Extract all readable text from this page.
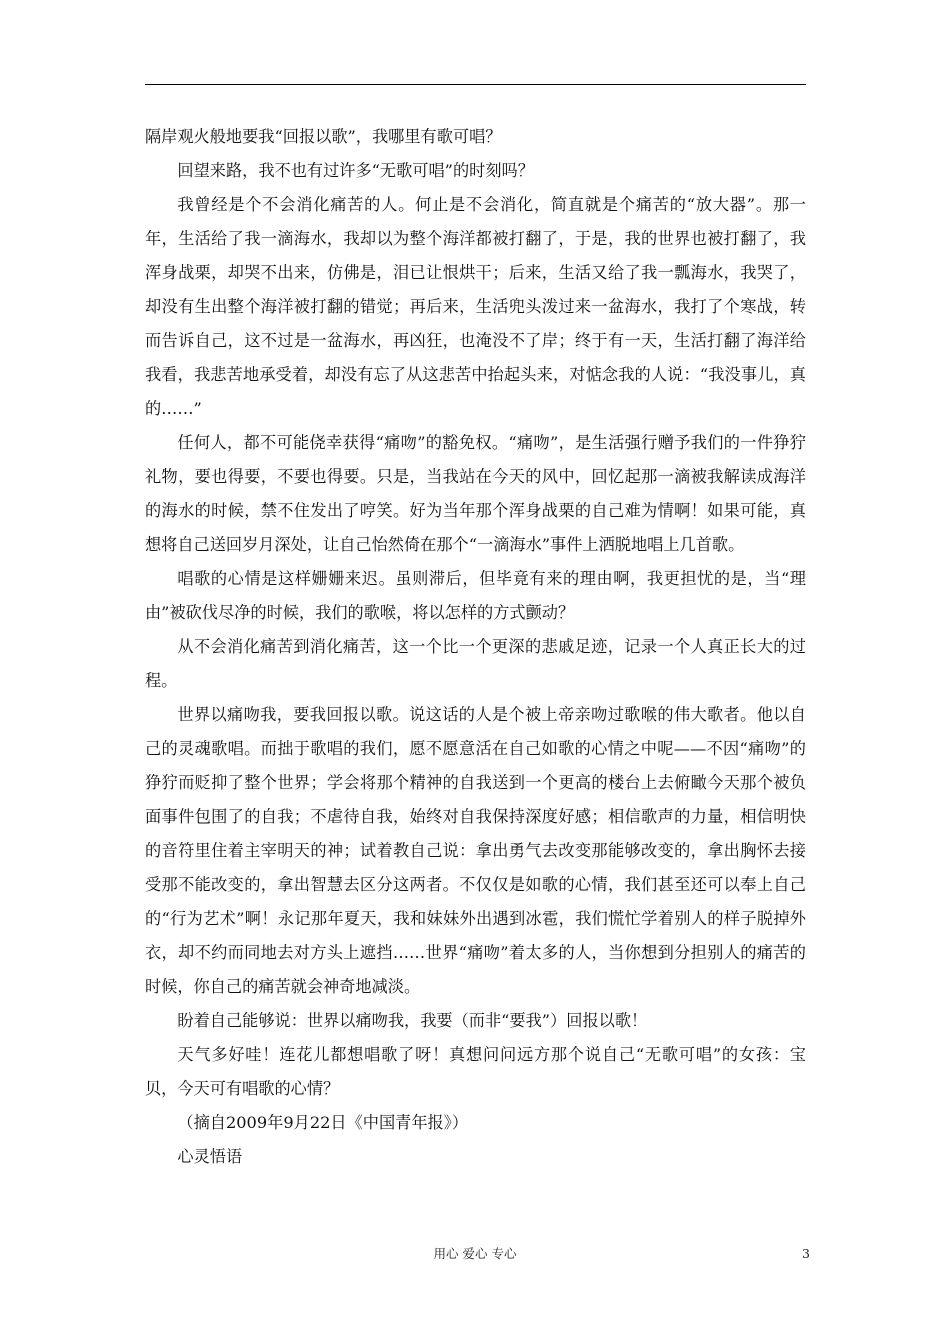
隔岸观火般地要我“回报以歌”，我哪里有歌可唱？

回望来路，我不也有过许多“无歌可唱”的时刻吗？

我曾经是个不会消化痛苦的人。何止是不会消化，简直就是个痛苦的“放大器”。那一年，生活给了我一滴海水，我却以为整个海洋都被打翻了，于是，我的世界也被打翻了，我浑身战栗，却哭不出来，仿佛是，泪已让恨烘干；后来，生活又给了我一瓢海水，我哭了，却没有生出整个海洋被打翻的错觉；再后来，生活兜头泼过来一盆海水，我打了个寒战，转而告诉自己，这不过是一盆海水，再凶狂，也淹没不了岸；终于有一天，生活打翻了海洋给我看，我悲苦地承受着，却没有忘了从这悲苦中抬起头来，对惦念我的人说：“我没事儿，真的……”

任何人，都不可能侥幸获得“痛吻”的豁免权。“痛吻”，是生活强行赠予我们的一件狰狞礼物，要也得要，不要也得要。只是，当我站在今天的风中，回忆起那一滴被我解读成海洋的海水的时候，禁不住发出了哼笑。好为当年那个浑身战栗的自己难为情啊！如果可能，真想将自己送回岁月深处，让自己怡然倚在那个“一滴海水”事件上洒脱地唱上几首歌。

唱歌的心情是这样姗姗来迟。虽则滞后，但毕竟有来的理由啊，我更担忧的是，当“理由”被砍伐尽净的时候，我们的歌喉，将以怎样的方式颤动？

从不会消化痛苦到消化痛苦，这一个比一个更深的悲戚足迹，记录一个人真正长大的过程。

世界以痛吻我，要我回报以歌。说这话的人是个被上帝亲吻过歌喉的伟大歌者。他以自己的灵魂歌唱。而拙于歌唱的我们，愿不愿意活在自己如歌的心情之中呢——不因“痛吻”的狰狞而贬抑了整个世界；学会将那个精神的自我送到一个更高的楼台上去俯瞰今天那个被负面事件包围了的自我；不虐待自我，始终对自我保持深度好感；相信歌声的力量，相信明快的音符里住着主宰明天的神；试着教自己说：拿出勇气去改变那能够改变的，拿出胸怀去接受那不能改变的，拿出智慧去区分这两者。不仅仅是如歌的心情，我们甚至还可以奉上自己的“行为艺术”啊！永记那年夏天，我和妹妹外出遇到冰雹，我们慌忙学着别人的样子脱掉外衣，却不约而同地去对方头上遮挡……世界“痛吻”着太多的人，当你想到分担别人的痛苦的时候，你自己的痛苦就会神奇地减淡。

盼着自己能够说：世界以痛吻我，我要（而非“要我”）回报以歌！

天气多好哇！连花儿都想唱歌了呀！真想问问远方那个说自己“无歌可唱”的女孩：宝贝，今天可有唱歌的心情？

（摘自2009年9月22日《中国青年报》）

心灵悟语

用心 爱心 专心	3
